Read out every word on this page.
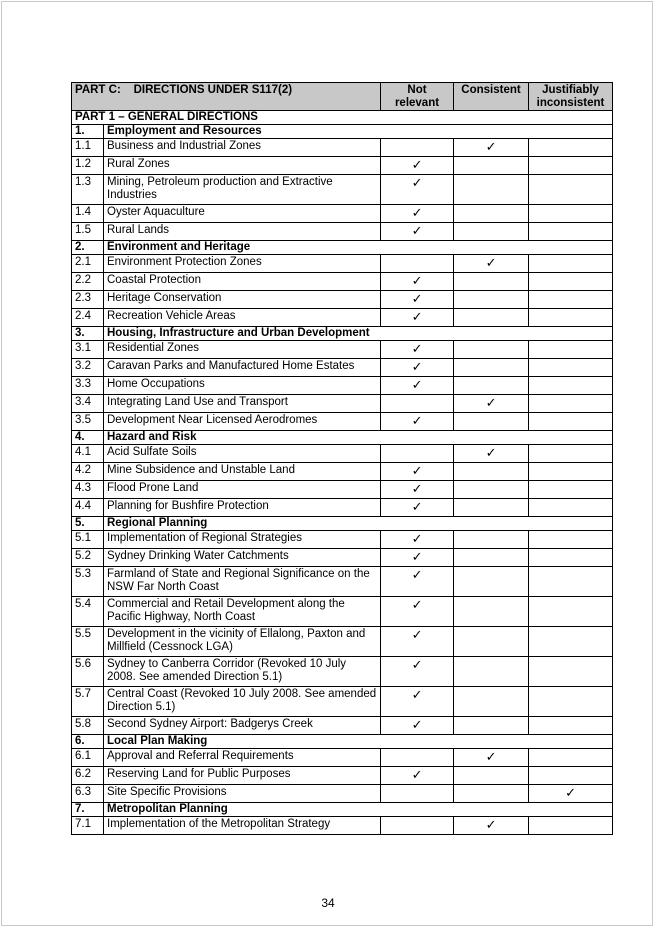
PART C: DIRECTIONS UNDER S117(2)		Not relevant	Consistent	Justifiably inconsistent
PART 1 – GENERAL DIRECTIONS				
1.	Employment and Resources			
1.1	Business and Industrial Zones		✓	
1.2	Rural Zones	✓		
1.3	Mining, Petroleum production and Extractive Industries	✓		
1.4	Oyster Aquaculture	✓		
1.5	Rural Lands	✓		
2.	Environment and Heritage			
2.1	Environment Protection Zones		✓	
2.2	Coastal Protection	✓		
2.3	Heritage Conservation	✓		
2.4	Recreation Vehicle Areas	✓		
3.	Housing, Infrastructure and Urban Development			
3.1	Residential Zones	✓		
3.2	Caravan Parks and Manufactured Home Estates	✓		
3.3	Home Occupations	✓		
3.4	Integrating Land Use and Transport		✓	
3.5	Development Near Licensed Aerodromes	✓		
4.	Hazard and Risk			
4.1	Acid Sulfate Soils		✓	
4.2	Mine Subsidence and Unstable Land	✓		
4.3	Flood Prone Land	✓		
4.4	Planning for Bushfire Protection	✓		
5.	Regional Planning			
5.1	Implementation of Regional Strategies	✓		
5.2	Sydney Drinking Water Catchments	✓		
5.3	Farmland of State and Regional Significance on the NSW Far North Coast	✓		
5.4	Commercial and Retail Development along the Pacific Highway, North Coast	✓		
5.5	Development in the vicinity of Ellalong, Paxton and Millfield (Cessnock LGA)	✓		
5.6	Sydney to Canberra Corridor (Revoked 10 July 2008. See amended Direction 5.1)	✓		
5.7	Central Coast (Revoked 10 July 2008. See amended Direction 5.1)	✓		
5.8	Second Sydney Airport: Badgerys Creek	✓		
6.	Local Plan Making			
6.1	Approval and Referral Requirements		✓	
6.2	Reserving Land for Public Purposes	✓		
6.3	Site Specific Provisions			✓
7.	Metropolitan Planning			
7.1	Implementation of the Metropolitan Strategy		✓	
34
